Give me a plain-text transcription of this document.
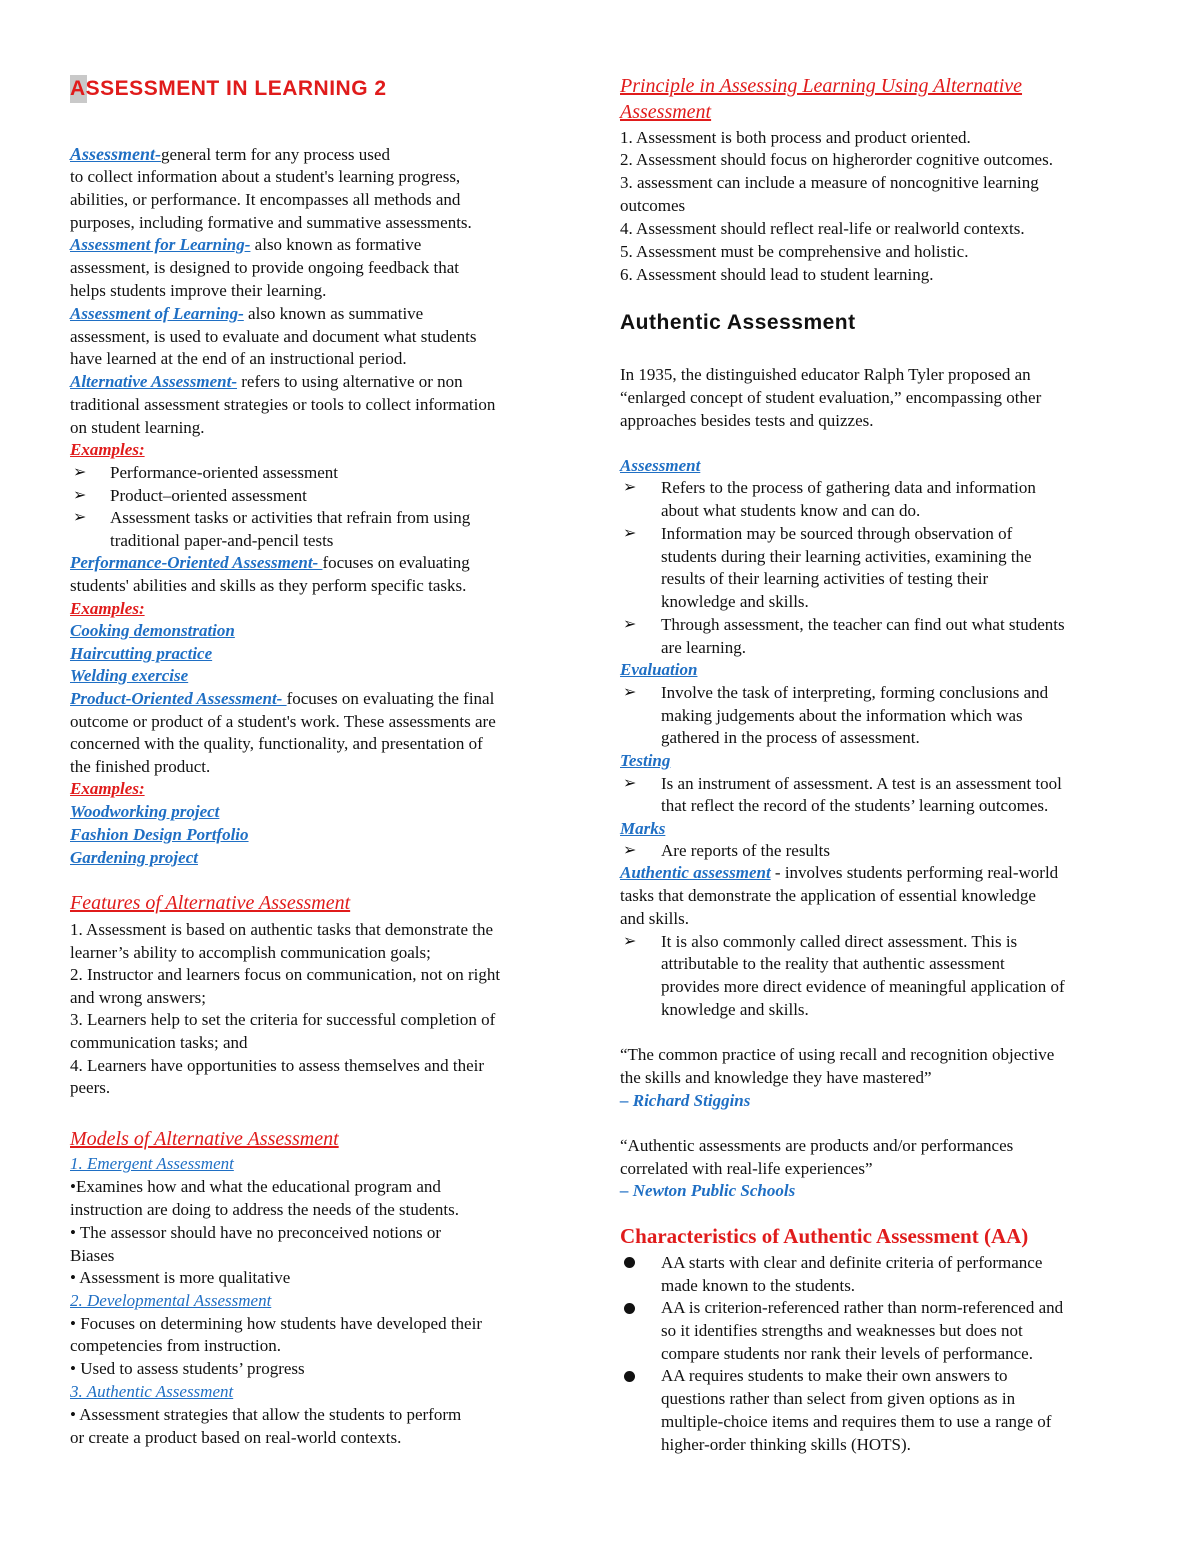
ASSESSMENT IN LEARNING 2
Assessment-general term for any process used
to collect information about a student's learning progress,
abilities, or performance. It encompasses all methods and
purposes, including formative and summative assessments.
Assessment for Learning- also known as formative
assessment, is designed to provide ongoing feedback that
helps students improve their learning.
Assessment of Learning- also known as summative
assessment, is used to evaluate and document what students
have learned at the end of an instructional period.
Alternative Assessment- refers to using alternative or non
traditional assessment strategies or tools to collect information
on student learning.
Examples:
➢ Performance-oriented assessment
➢ Product–oriented assessment
➢ Assessment tasks or activities that refrain from using
traditional paper-and-pencil tests
Performance-Oriented Assessment- focuses on evaluating
students' abilities and skills as they perform specific tasks.
Examples:
Cooking demonstration
Haircutting practice
Welding exercise
Product-Oriented Assessment- focuses on evaluating the final
outcome or product of a student's work. These assessments are
concerned with the quality, functionality, and presentation of
the finished product.
Examples:
Woodworking project
Fashion Design Portfolio
Gardening project
Features of Alternative Assessment
1. Assessment is based on authentic tasks that demonstrate the
learner’s ability to accomplish communication goals;
2. Instructor and learners focus on communication, not on right
and wrong answers;
3. Learners help to set the criteria for successful completion of
communication tasks; and
4. Learners have opportunities to assess themselves and their
peers.
Models of Alternative Assessment
1. Emergent Assessment
•Examines how and what the educational program and
instruction are doing to address the needs of the students.
• The assessor should have no preconceived notions or
Biases
• Assessment is more qualitative
2. Developmental Assessment
• Focuses on determining how students have developed their
competencies from instruction.
• Used to assess students’ progress
3. Authentic Assessment
• Assessment strategies that allow the students to perform
or create a product based on real-world contexts.
Principle in Assessing Learning Using Alternative
Assessment
1. Assessment is both process and product oriented.
2. Assessment should focus on higherorder cognitive outcomes.
3. assessment can include a measure of noncognitive learning
outcomes
4. Assessment should reflect real-life or realworld contexts.
5. Assessment must be comprehensive and holistic.
6. Assessment should lead to student learning.
Authentic Assessment
In 1935, the distinguished educator Ralph Tyler proposed an
“enlarged concept of student evaluation,” encompassing other
approaches besides tests and quizzes.
Assessment
➢ Refers to the process of gathering data and information
about what students know and can do.
➢ Information may be sourced through observation of
students during their learning activities, examining the
results of their learning activities of testing their
knowledge and skills.
➢ Through assessment, the teacher can find out what students
are learning.
Evaluation
➢ Involve the task of interpreting, forming conclusions and
making judgements about the information which was
gathered in the process of assessment.
Testing
➢ Is an instrument of assessment. A test is an assessment tool
that reflect the record of the students’ learning outcomes.
Marks
➢ Are reports of the results
Authentic assessment - involves students performing real-world
tasks that demonstrate the application of essential knowledge
and skills.
➢ It is also commonly called direct assessment. This is
attributable to the reality that authentic assessment
provides more direct evidence of meaningful application of
knowledge and skills.
“The common practice of using recall and recognition objective
the skills and knowledge they have mastered”
– Richard Stiggins
“Authentic assessments are products and/or performances
correlated with real-life experiences”
– Newton Public Schools
Characteristics of Authentic Assessment (AA)
AA starts with clear and definite criteria of performance
made known to the students.
AA is criterion-referenced rather than norm-referenced and
so it identifies strengths and weaknesses but does not
compare students nor rank their levels of performance.
AA requires students to make their own answers to
questions rather than select from given options as in
multiple-choice items and requires them to use a range of
higher-order thinking skills (HOTS).
